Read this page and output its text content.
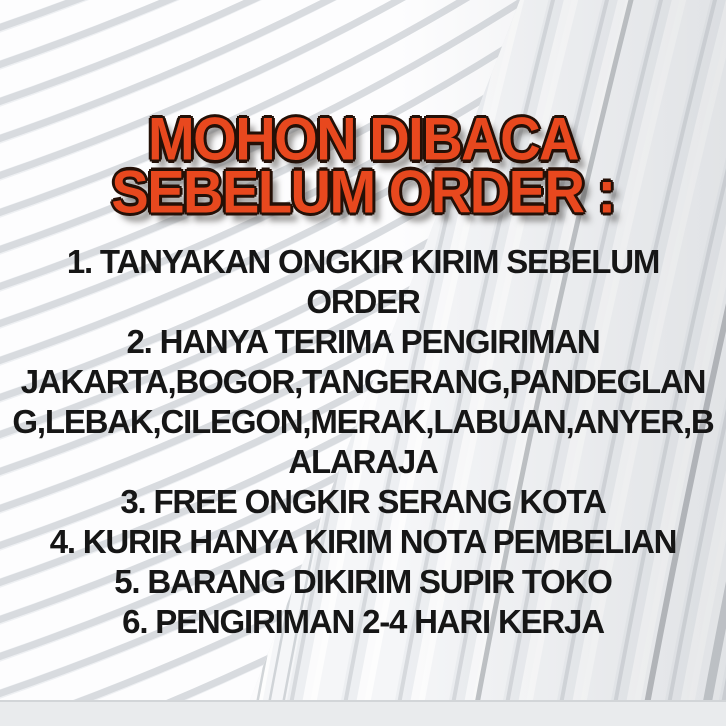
MOHON DIBACA
SEBELUM ORDER :
1. TANYAKAN ONGKIR KIRIM SEBELUM
ORDER
2. HANYA TERIMA PENGIRIMAN
JAKARTA,BOGOR,TANGERANG,PANDEGLAN
G,LEBAK,CILEGON,MERAK,LABUAN,ANYER,B
ALARAJA
3. FREE ONGKIR SERANG KOTA
4. KURIR HANYA KIRIM NOTA PEMBELIAN
5. BARANG DIKIRIM SUPIR TOKO
6. PENGIRIMAN 2-4 HARI KERJA
